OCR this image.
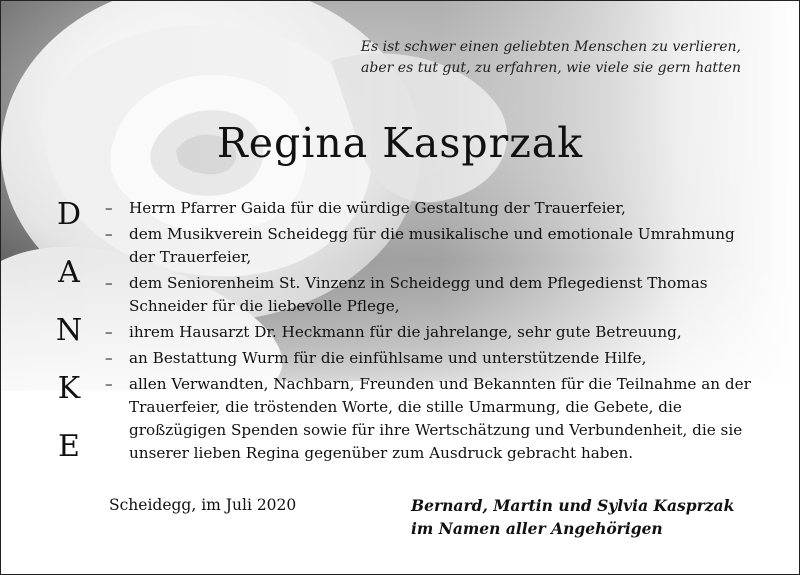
Es ist schwer einen geliebten Menschen zu verlieren,
aber es tut gut, zu erfahren, wie viele sie gern hatten
Regina Kasprzak
D
A
N
K
E
–	Herrn Pfarrer Gaida für die würdige Gestaltung der Trauerfeier,
–	dem Musikverein Scheidegg für die musikalische und emotionale Umrahmung der Trauerfeier,
–	dem Seniorenheim St. Vinzenz in Scheidegg und dem Pflegedienst Thomas Schneider für die liebevolle Pflege,
–	ihrem Hausarzt Dr. Heckmann für die jahrelange, sehr gute Betreuung,
–	an Bestattung Wurm für die einfühlsame und unterstützende Hilfe,
–	allen Verwandten, Nachbarn, Freunden und Bekannten für die Teilnahme an der Trauerfeier, die tröstenden Worte, die stille Umarmung, die Gebete, die großzügigen Spenden sowie für ihre Wertschätzung und Verbundenheit, die sie unserer lieben Regina gegenüber zum Ausdruck gebracht haben.
Scheidegg, im Juli 2020	Bernard, Martin und Sylvia Kasprzak
im Namen aller Angehörigen
